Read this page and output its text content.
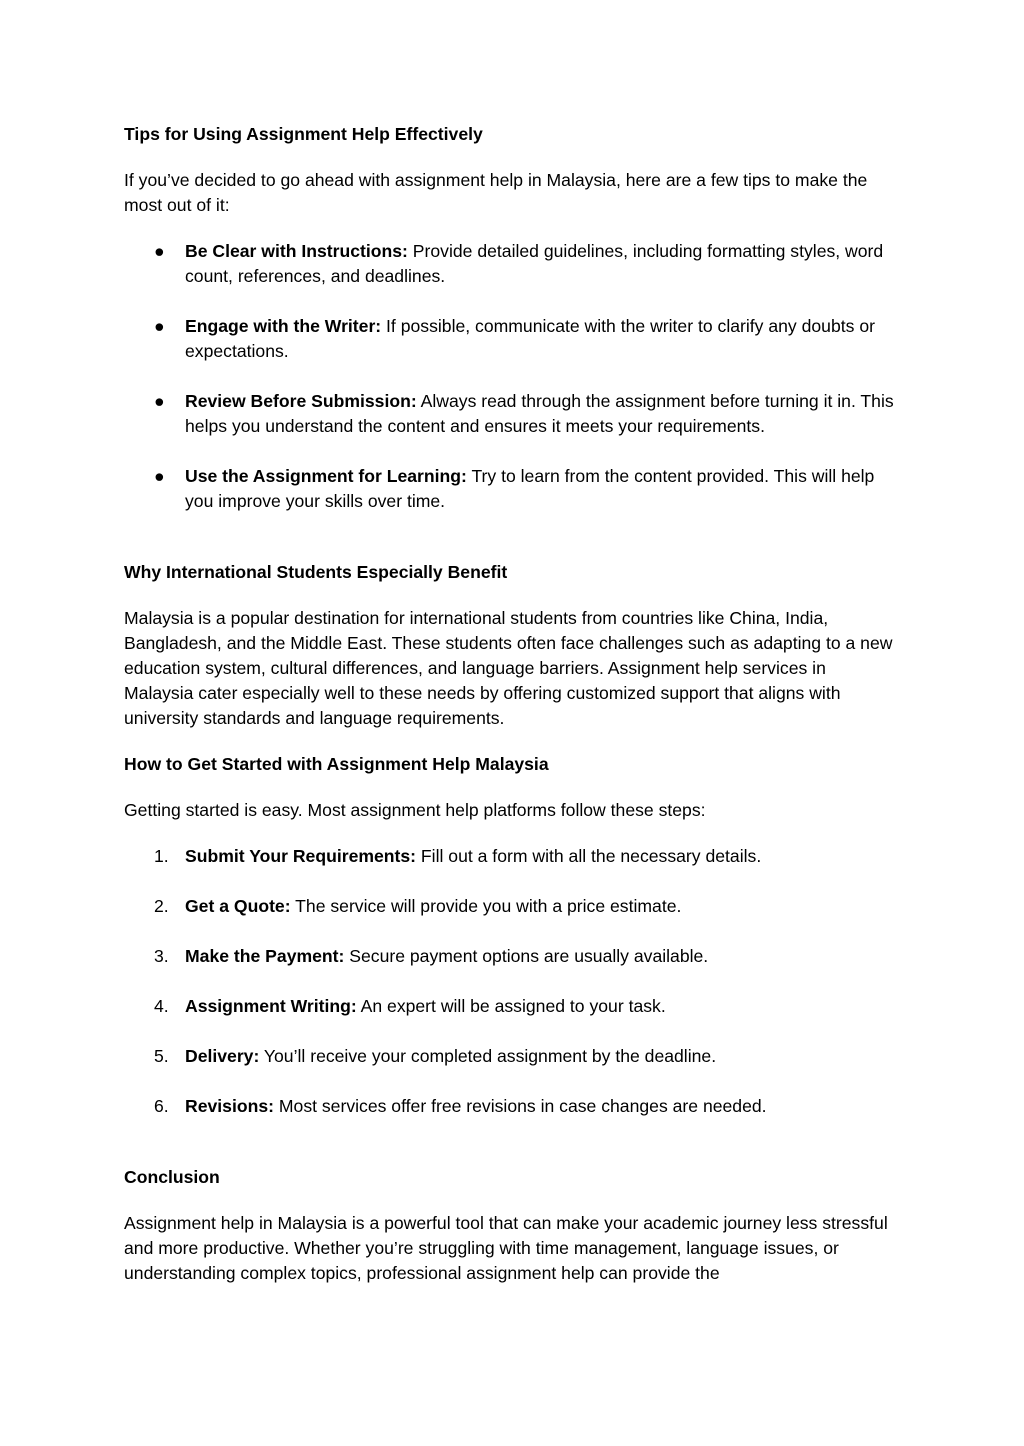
Tips for Using Assignment Help Effectively

If you’ve decided to go ahead with assignment help in Malaysia, here are a few tips to make the most out of it:

● Be Clear with Instructions: Provide detailed guidelines, including formatting styles, word count, references, and deadlines.
● Engage with the Writer: If possible, communicate with the writer to clarify any doubts or expectations.
● Review Before Submission: Always read through the assignment before turning it in. This helps you understand the content and ensures it meets your requirements.
● Use the Assignment for Learning: Try to learn from the content provided. This will help you improve your skills over time.
Why International Students Especially Benefit

Malaysia is a popular destination for international students from countries like China, India, Bangladesh, and the Middle East. These students often face challenges such as adapting to a new education system, cultural differences, and language barriers. Assignment help services in Malaysia cater especially well to these needs by offering customized support that aligns with university standards and language requirements.

How to Get Started with Assignment Help Malaysia

Getting started is easy. Most assignment help platforms follow these steps:

1. Submit Your Requirements: Fill out a form with all the necessary details.
2. Get a Quote: The service will provide you with a price estimate.
3. Make the Payment: Secure payment options are usually available.
4. Assignment Writing: An expert will be assigned to your task.
5. Delivery: You’ll receive your completed assignment by the deadline.
6. Revisions: Most services offer free revisions in case changes are needed.
Conclusion

Assignment help in Malaysia is a powerful tool that can make your academic journey less stressful and more productive. Whether you’re struggling with time management, language issues, or understanding complex topics, professional assignment help can provide the
